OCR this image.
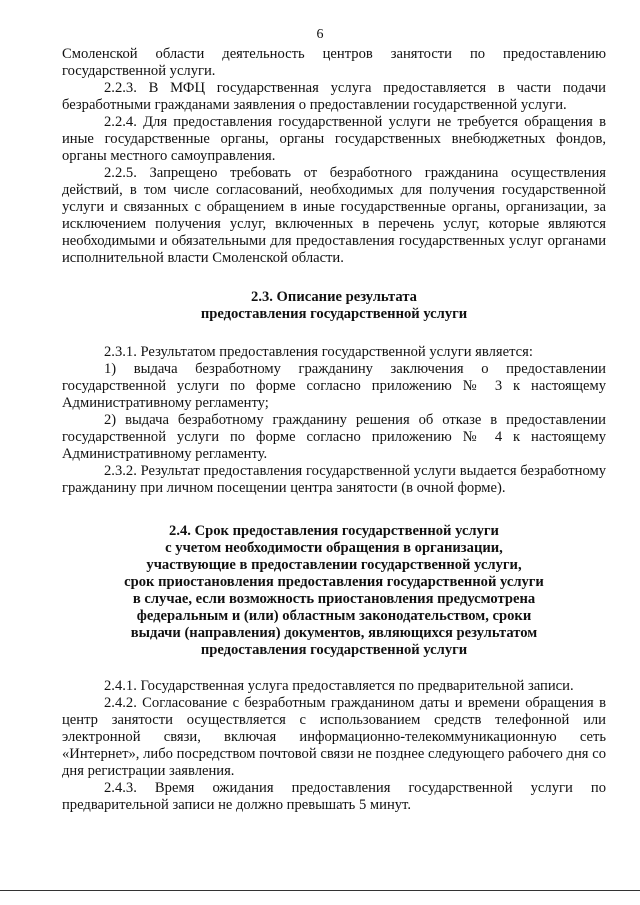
6

Смоленской области деятельность центров занятости по предоставлению государственной услуги.

2.2.3. В МФЦ государственная услуга предоставляется в части подачи безработными гражданами заявления о предоставлении государственной услуги.

2.2.4. Для предоставления государственной услуги не требуется обращения в иные государственные органы, органы государственных внебюджетных фондов, органы местного самоуправления.

2.2.5. Запрещено требовать от безработного гражданина осуществления действий, в том числе согласований, необходимых для получения государственной услуги и связанных с обращением в иные государственные органы, организации, за исключением получения услуг, включенных в перечень услуг, которые являются необходимыми и обязательными для предоставления государственных услуг органами исполнительной власти Смоленской области.

2.3. Описание результата

предоставления государственной услуги

2.3.1. Результатом предоставления государственной услуги является:

1) выдача безработному гражданину заключения о предоставлении государственной услуги по форме согласно приложению № 3 к настоящему Административному регламенту;

2) выдача безработному гражданину решения об отказе в предоставлении государственной услуги по форме согласно приложению № 4 к настоящему Административному регламенту.

2.3.2. Результат предоставления государственной услуги выдается безработному гражданину при личном посещении центра занятости (в очной форме).

2.4. Срок предоставления государственной услуги

с учетом необходимости обращения в организации,

участвующие в предоставлении государственной услуги,

срок приостановления предоставления государственной услуги

в случае, если возможность приостановления предусмотрена

федеральным и (или) областным законодательством, сроки

выдачи (направления) документов, являющихся результатом

предоставления государственной услуги

2.4.1. Государственная услуга предоставляется по предварительной записи.

2.4.2. Согласование с безработным гражданином даты и времени обращения в центр занятости осуществляется с использованием средств телефонной или электронной связи, включая информационно-телекоммуникационную сеть «Интернет», либо посредством почтовой связи не позднее следующего рабочего дня со дня регистрации заявления.

2.4.3. Время ожидания предоставления государственной услуги по предварительной записи не должно превышать 5 минут.
